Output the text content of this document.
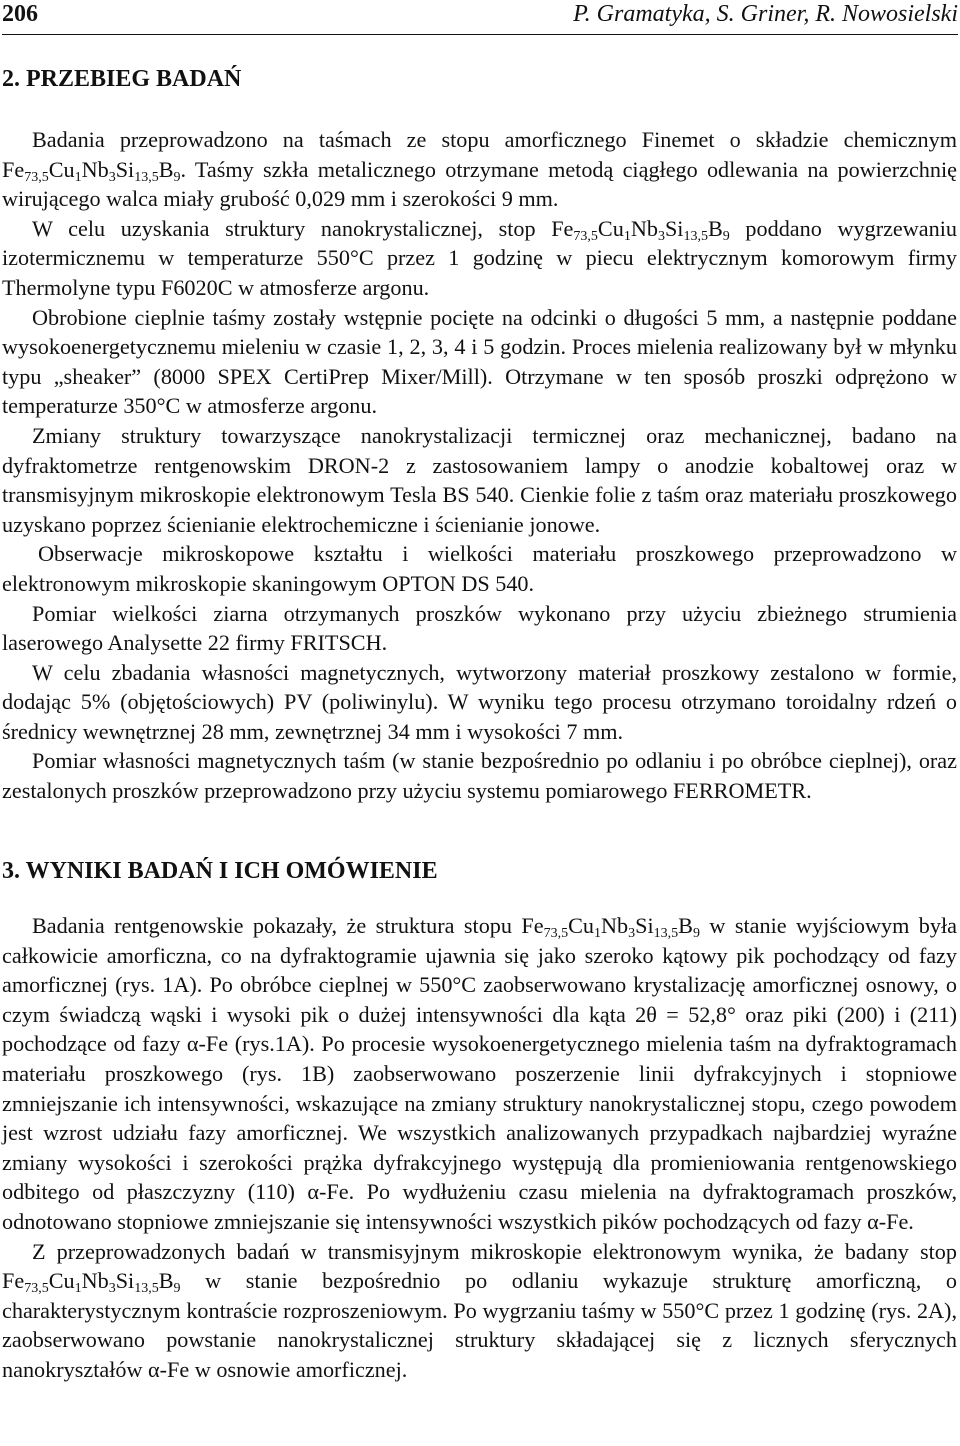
206	P. Gramatyka, S. Griner, R. Nowosielski
2. PRZEBIEG BADAŃ

Badania przeprowadzono na taśmach ze stopu amorficznego Finemet o składzie chemicznym $Fe_{73,5}Cu_1Nb_3Si_{13,5}B_9$. Taśmy szkła metalicznego otrzymane metodą ciągłego odlewania na powierzchnię wirującego walca miały grubość 0,029 mm i szerokości 9 mm.

W celu uzyskania struktury nanokrystalicznej, stop $Fe_{73,5}Cu_1Nb_3Si_{13,5}B_9$ poddano wygrzewaniu izotermicznemu w temperaturze 550°C przez 1 godzinę w piecu elektrycznym komorowym firmy Thermolyne typu F6020C w atmosferze argonu.

Obrobione cieplnie taśmy zostały wstępnie pocięte na odcinki o długości 5 mm, a następnie poddane wysokoenergetycznemu mieleniu w czasie 1, 2, 3, 4 i 5 godzin. Proces mielenia realizowany był w młynku typu „sheaker” (8000 SPEX CertiPrep Mixer/Mill). Otrzymane w ten sposób proszki odprężono w temperaturze 350°C w atmosferze argonu.

Zmiany struktury towarzyszące nanokrystalizacji termicznej oraz mechanicznej, badano na dyfraktometrze rentgenowskim DRON-2 z zastosowaniem lampy o anodzie kobaltowej oraz w transmisyjnym mikroskopie elektronowym Tesla BS 540. Cienkie folie z taśm oraz materiału proszkowego uzyskano poprzez ścienianie elektrochemiczne i ścienianie jonowe.

Obserwacje mikroskopowe kształtu i wielkości materiału proszkowego przeprowadzono w elektronowym mikroskopie skaningowym OPTON DS 540.

Pomiar wielkości ziarna otrzymanych proszków wykonano przy użyciu zbieżnego strumienia laserowego Analysette 22 firmy FRITSCH.

W celu zbadania własności magnetycznych, wytworzony materiał proszkowy zestalono w formie, dodając 5% (objętościowych) PV (poliwinylu). W wyniku tego procesu otrzymano toroidalny rdzeń o średnicy wewnętrznej 28 mm, zewnętrznej 34 mm i wysokości 7 mm.

Pomiar własności magnetycznych taśm (w stanie bezpośrednio po odlaniu i po obróbce cieplnej), oraz zestalonych proszków przeprowadzono przy użyciu systemu pomiarowego FERROMETR.

3. WYNIKI BADAŃ I ICH OMÓWIENIE

Badania rentgenowskie pokazały, że struktura stopu $Fe_{73,5}Cu_1Nb_3Si_{13,5}B_9$ w stanie wyjściowym była całkowicie amorficzna, co na dyfraktogramie ujawnia się jako szeroko kątowy pik pochodzący od fazy amorficznej (rys. 1A). Po obróbce cieplnej w 550°C zaobserwowano krystalizację amorficznej osnowy, o czym świadczą wąski i wysoki pik o dużej intensywności dla kąta 2θ = 52,8° oraz piki (200) i (211) pochodzące od fazy α-Fe (rys.1A). Po procesie wysokoenergetycznego mielenia taśm na dyfraktogramach materiału proszkowego (rys. 1B) zaobserwowano poszerzenie linii dyfrakcyjnych i stopniowe zmniejszanie ich intensywności, wskazujące na zmiany struktury nanokrystalicznej stopu, czego powodem jest wzrost udziału fazy amorficznej. We wszystkich analizowanych przypadkach najbardziej wyraźne zmiany wysokości i szerokości prążka dyfrakcyjnego występują dla promieniowania rentgenowskiego odbitego od płaszczyzny (110) α-Fe. Po wydłużeniu czasu mielenia na dyfraktogramach proszków, odnotowano stopniowe zmniejszanie się intensywności wszystkich pików pochodzących od fazy α-Fe.

Z przeprowadzonych badań w transmisyjnym mikroskopie elektronowym wynika, że badany stop $Fe_{73,5}Cu_1Nb_3Si_{13,5}B_9$ w stanie bezpośrednio po odlaniu wykazuje strukturę amorficzną, o charakterystycznym kontraście rozproszeniowym. Po wygrzaniu taśmy w 550°C przez 1 godzinę (rys. 2A), zaobserwowano powstanie nanokrystalicznej struktury składającej się z licznych sferycznych nanokryształów α-Fe w osnowie amorficznej.
